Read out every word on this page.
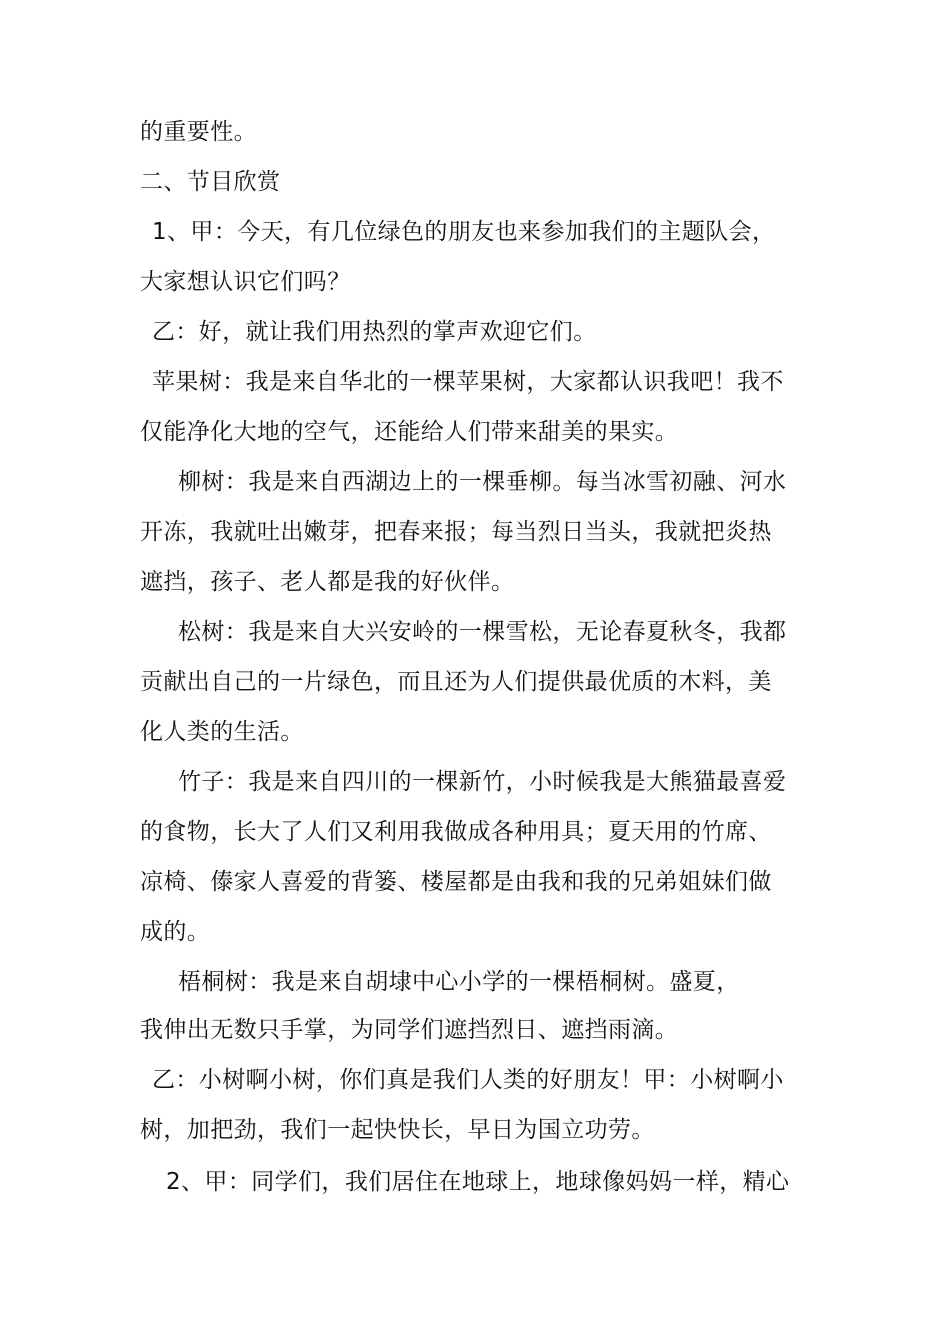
的重要性。
二、节目欣赏
1、甲：今天，有几位绿色的朋友也来参加我们的主题队会，
大家想认识它们吗？
乙：好，就让我们用热烈的掌声欢迎它们。
苹果树：我是来自华北的一棵苹果树，大家都认识我吧！我不
仅能净化大地的空气，还能给人们带来甜美的果实。
柳树：我是来自西湖边上的一棵垂柳。每当冰雪初融、河水
开冻，我就吐出嫩芽，把春来报；每当烈日当头，我就把炎热
遮挡，孩子、老人都是我的好伙伴。
松树：我是来自大兴安岭的一棵雪松，无论春夏秋冬，我都
贡献出自己的一片绿色，而且还为人们提供最优质的木料，美
化人类的生活。
竹子：我是来自四川的一棵新竹，小时候我是大熊猫最喜爱
的食物，长大了人们又利用我做成各种用具；夏天用的竹席、
凉椅、傣家人喜爱的背篓、楼屋都是由我和我的兄弟姐妹们做
成的。
梧桐树：我是来自胡埭中心小学的一棵梧桐树。盛夏，
我伸出无数只手掌，为同学们遮挡烈日、遮挡雨滴。
乙：小树啊小树，你们真是我们人类的好朋友！甲：小树啊小
树，加把劲，我们一起快快长，早日为国立功劳。
2、甲：同学们，我们居住在地球上，地球像妈妈一样，精心
